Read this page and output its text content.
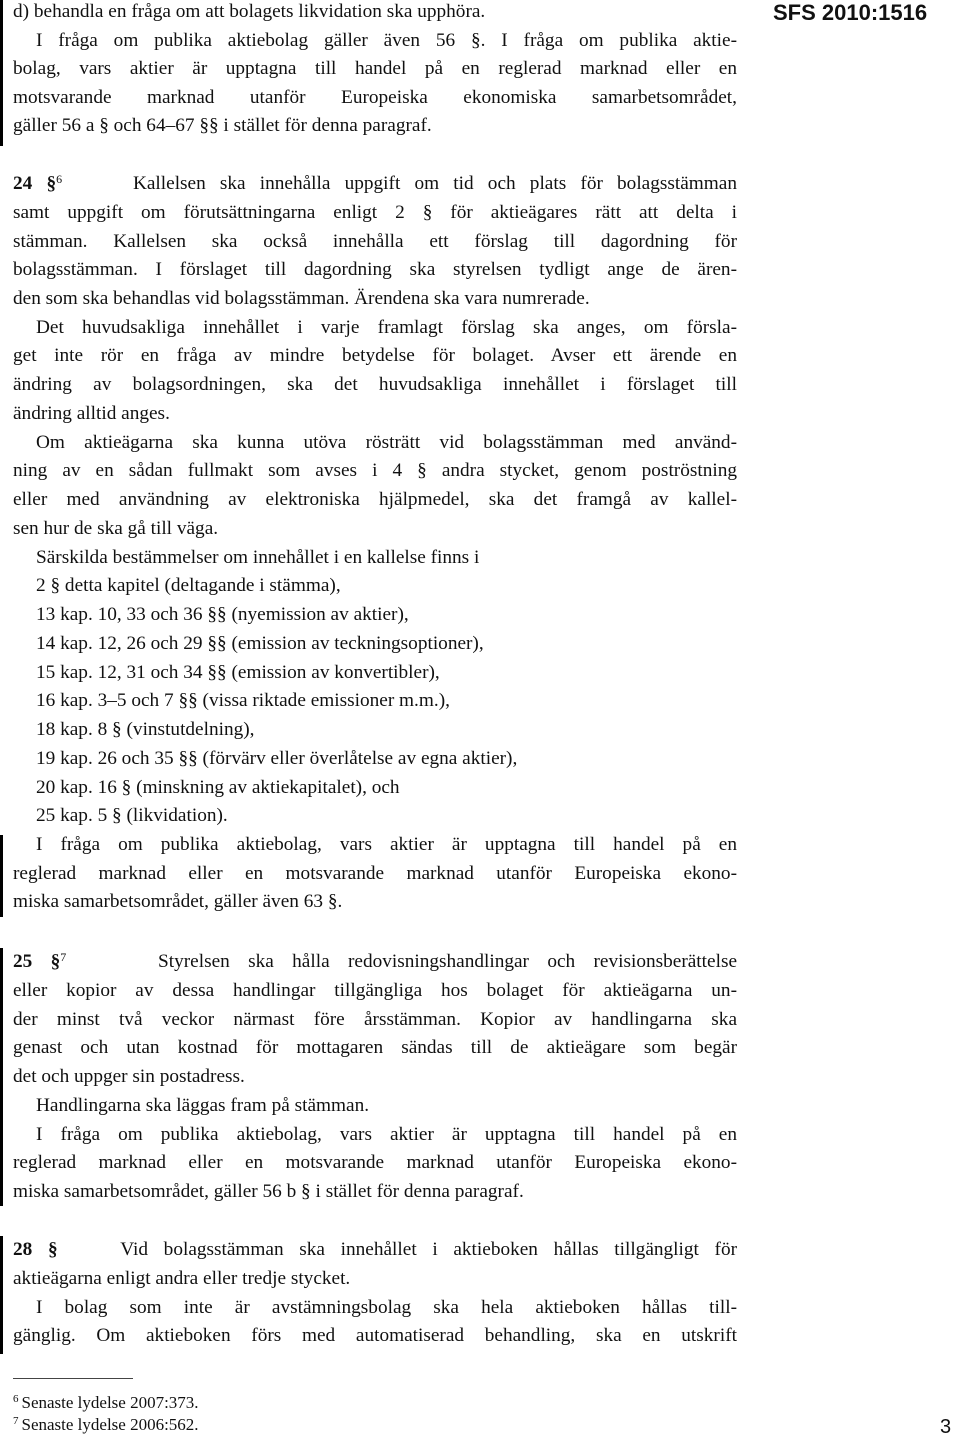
SFS 2010:1516
d) behandla en fråga om att bolagets likvidation ska upphöra.
I fråga om publika aktiebolag gäller även 56 §. I fråga om publika aktie-
bolag, vars aktier är upptagna till handel på en reglerad marknad eller en
motsvarande marknad utanför Europeiska ekonomiska samarbetsområdet,
gäller 56 a § och 64–67 §§ i stället för denna paragraf.
24 §$^6$	Kallelsen ska innehålla uppgift om tid och plats för bolagsstämman
samt uppgift om förutsättningarna enligt 2 § för aktieägares rätt att delta i
stämman. Kallelsen ska också innehålla ett förslag till dagordning för
bolagsstämman. I förslaget till dagordning ska styrelsen tydligt ange de ären-
den som ska behandlas vid bolagsstämman. Ärendena ska vara numrerade.
Det huvudsakliga innehållet i varje framlagt förslag ska anges, om försla-
get inte rör en fråga av mindre betydelse för bolaget. Avser ett ärende en
ändring av bolagsordningen, ska det huvudsakliga innehållet i förslaget till
ändring alltid anges.
Om aktieägarna ska kunna utöva rösträtt vid bolagsstämman med använd-
ning av en sådan fullmakt som avses i 4 § andra stycket, genom poströstning
eller med användning av elektroniska hjälpmedel, ska det framgå av kallel-
sen hur de ska gå till väga.
Särskilda bestämmelser om innehållet i en kallelse finns i
2 § detta kapitel (deltagande i stämma),
13 kap. 10, 33 och 36 §§ (nyemission av aktier),
14 kap. 12, 26 och 29 §§ (emission av teckningsoptioner),
15 kap. 12, 31 och 34 §§ (emission av konvertibler),
16 kap. 3–5 och 7 §§ (vissa riktade emissioner m.m.),
18 kap. 8 § (vinstutdelning),
19 kap. 26 och 35 §§ (förvärv eller överlåtelse av egna aktier),
20 kap. 16 § (minskning av aktiekapitalet), och
25 kap. 5 § (likvidation).
I fråga om publika aktiebolag, vars aktier är upptagna till handel på en
reglerad marknad eller en motsvarande marknad utanför Europeiska ekono-
miska samarbetsområdet, gäller även 63 §.
25 §$^7$	Styrelsen ska hålla redovisningshandlingar och revisionsberättelse
eller kopior av dessa handlingar tillgängliga hos bolaget för aktieägarna un-
der minst två veckor närmast före årsstämman. Kopior av handlingarna ska
genast och utan kostnad för mottagaren sändas till de aktieägare som begär
det och uppger sin postadress.
Handlingarna ska läggas fram på stämman.
I fråga om publika aktiebolag, vars aktier är upptagna till handel på en
reglerad marknad eller en motsvarande marknad utanför Europeiska ekono-
miska samarbetsområdet, gäller 56 b § i stället för denna paragraf.
28 §	Vid bolagsstämman ska innehållet i aktieboken hållas tillgängligt för
aktieägarna enligt andra eller tredje stycket.
I bolag som inte är avstämningsbolag ska hela aktieboken hållas till-
gänglig. Om aktieboken förs med automatiserad behandling, ska en utskrift
$^6$ Senaste lydelse 2007:373.
$^7$ Senaste lydelse 2006:562.	3
